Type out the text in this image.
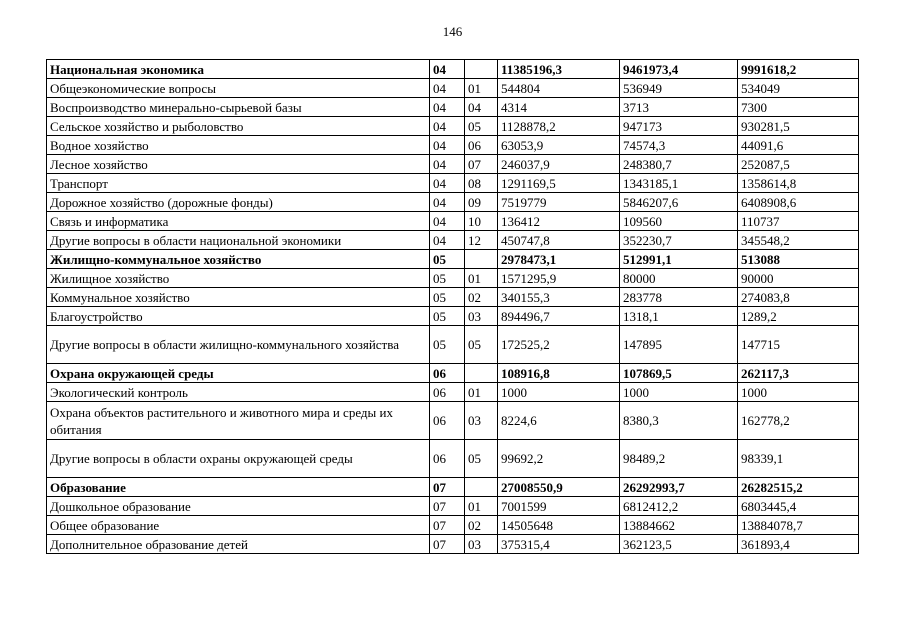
146
Национальная экономика	04		11385196,3	9461973,4	9991618,2
Общеэкономические вопросы	04	01	544804	536949	534049
Воспроизводство минерально-сырьевой базы	04	04	4314	3713	7300
Сельское хозяйство и рыболовство	04	05	1128878,2	947173	930281,5
Водное хозяйство	04	06	63053,9	74574,3	44091,6
Лесное хозяйство	04	07	246037,9	248380,7	252087,5
Транспорт	04	08	1291169,5	1343185,1	1358614,8
Дорожное хозяйство (дорожные фонды)	04	09	7519779	5846207,6	6408908,6
Связь и информатика	04	10	136412	109560	110737
Другие вопросы в области национальной экономики	04	12	450747,8	352230,7	345548,2
Жилищно-коммунальное хозяйство	05		2978473,1	512991,1	513088
Жилищное хозяйство	05	01	1571295,9	80000	90000
Коммунальное хозяйство	05	02	340155,3	283778	274083,8
Благоустройство	05	03	894496,7	1318,1	1289,2
Другие вопросы в области жилищно-коммунального хозяйства	05	05	172525,2	147895	147715
Охрана окружающей среды	06		108916,8	107869,5	262117,3
Экологический контроль	06	01	1000	1000	1000
Охрана объектов растительного и животного мира и среды их обитания	06	03	8224,6	8380,3	162778,2
Другие вопросы в области охраны окружающей среды	06	05	99692,2	98489,2	98339,1
Образование	07		27008550,9	26292993,7	26282515,2
Дошкольное образование	07	01	7001599	6812412,2	6803445,4
Общее образование	07	02	14505648	13884662	13884078,7
Дополнительное образование детей	07	03	375315,4	362123,5	361893,4
